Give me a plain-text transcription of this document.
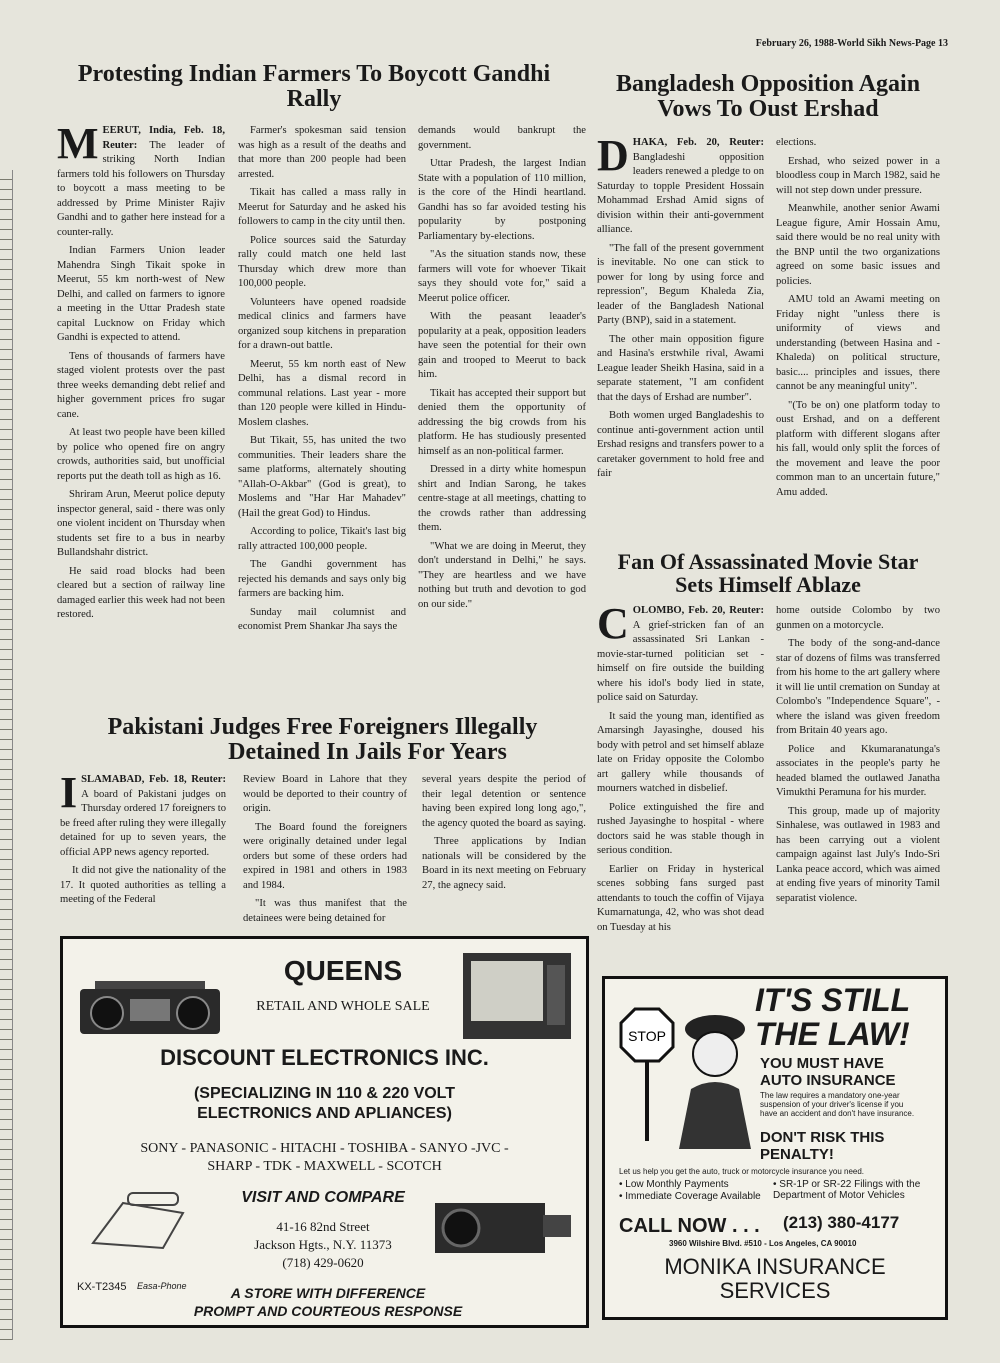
February 26, 1988-World Sikh News-Page 13
Protesting Indian Farmers To Boycott Gandhi
Rally

MEERUT, India, Feb. 18, Reuter: The leader of striking North Indian farmers told his followers on Thursday to boycott a mass meeting to be addressed by Prime Minister Rajiv Gandhi and to gather here instead for a counter-rally.

Indian Farmers Union leader Mahendra Singh Tikait spoke in Meerut, 55 km north-west of New Delhi, and called on farmers to ignore a meeting in the Uttar Pradesh state capital Lucknow on Friday which Gandhi is expected to attend.

Tens of thousands of farmers have staged violent protests over the past three weeks demanding debt relief and higher government prices fro sugar cane.

At least two people have been killed by police who opened fire on angry crowds, authorities said, but unofficial reports put the death toll as high as 16.

Shriram Arun, Meerut police deputy inspector general, said - there was only one violent incident on Thursday when students set fire to a bus in nearby Bullandshahr district.

He said road blocks had been cleared but a section of railway line damaged earlier this week had not been restored.

Farmer's spokesman said tension was high as a result of the deaths and that more than 200 people had been arrested.

Tikait has called a mass rally in Meerut for Saturday and he asked his followers to camp in the city until then.

Police sources said the Saturday rally could match one held last Thursday which drew more than 100,000 people.

Volunteers have opened roadside medical clinics and farmers have organized soup kitchens in preparation for a drawn-out battle.

Meerut, 55 km north east of New Delhi, has a dismal record in communal relations. Last year - more than 120 people were killed in Hindu-Moslem clashes.

But Tikait, 55, has united the two communities. Their leaders share the same platforms, alternately shouting "Allah-O-Akbar" (God is great), to Moslems and "Har Har Mahadev" (Hail the great God) to Hindus.

According to police, Tikait's last big rally attracted 100,000 people.

The Gandhi government has rejected his demands and says only big farmers are backing him.

Sunday mail columnist and economist Prem Shankar Jha says the

demands would bankrupt the government.

Uttar Pradesh, the largest Indian State with a population of 110 million, is the core of the Hindi heartland. Gandhi has so far avoided testing his popularity by postponing Parliamentary by-elections.

"As the situation stands now, these farmers will vote for whoever Tikait says they should vote for," said a Meerut police officer.

With the peasant leaader's popularity at a peak, opposition leaders have seen the potential for their own gain and trooped to Meerut to back him.

Tikait has accepted their support but denied them the opportunity of addressing the big crowds from his platform. He has studiously presented himself as an non-political farmer.

Dressed in a dirty white homespun shirt and Indian Sarong, he takes centre-stage at all meetings, chatting to the crowds rather than addressing them.

"What we are doing in Meerut, they don't understand in Delhi," he says. "They are heartless and we have nothing but truth and devotion to god on our side."

Bangladesh Opposition Again
Vows To Oust Ershad

DHAKA, Feb. 20, Reuter: Bangladeshi opposition leaders renewed a pledge to on Saturday to topple President Hossain Mohammad Ershad Amid signs of division within their anti-government alliance.

"The fall of the present government is inevitable. No one can stick to power for long by using force and repression", Begum Khaleda Zia, leader of the Bangladesh National Party (BNP), said in a statement.

The other main opposition figure and Hasina's erstwhile rival, Awami League leader Sheikh Hasina, said in a separate statement, "I am confident that the days of Ershad are number".

Both women urged Bangladeshis to continue anti-government action until Ershad resigns and transfers power to a caretaker government to hold free and fair

elections.

Ershad, who seized power in a bloodless coup in March 1982, said he will not step down under pressure.

Meanwhile, another senior Awami League figure, Amir Hossain Amu, said there would be no real unity with the BNP until the two organizations agreed on some basic issues and policies.

AMU told an Awami meeting on Friday night "unless there is uniformity of views and understanding (between Hasina and - Khaleda) on political structure, basic.... principles and issues, there cannot be any meaningful unity".

"(To be on) one platform today to oust Ershad, and on a defferent platform with different slogans after his fall, would only split the forces of the movement and leave the poor common man to an uncertain future," Amu added.

Fan Of Assassinated Movie Star
Sets Himself Ablaze

COLOMBO, Feb. 20, Reuter: A grief-stricken fan of an assassinated Sri Lankan - movie-star-turned politician set - himself on fire outside the building where his idol's body lied in state, police said on Saturday.

It said the young man, identified as Amarsingh Jayasinghe, doused his body with petrol and set himself ablaze late on Friday opposite the Colombo art gallery while thousands of mourners watched in disbelief.

Police extinguished the fire and rushed Jayasinghe to hospital - where doctors said he was stable though in serious condition.

Earlier on Friday in hysterical scenes sobbing fans surged past attendants to touch the coffin of Vijaya Kumarnatunga, 42, who was shot dead on Tuesday at his

home outside Colombo by two gunmen on a motorcycle.

The body of the song-and-dance star of dozens of films was transferred from his home to the art gallery where it will lie until cremation on Sunday at Colombo's "Independence Square", - where the island was given freedom from Britain 40 years ago.

Police and Kkumaranatunga's associates in the people's party he headed blamed the outlawed Janatha Vimukthi Peramuna for his murder.

This group, made up of majority Sinhalese, was outlawed in 1983 and has been carrying out a violent campaign against last July's Indo-Sri Lanka peace accord, which was aimed at ending five years of minority Tamil separatist violence.

Pakistani Judges Free Foreigners Illegally
Detained In Jails For Years

ISLAMABAD, Feb. 18, Reuter: A board of Pakistani judges on Thursday ordered 17 foreigners to be freed after ruling they were illegally detained for up to seven years, the official APP news agency reported.

It did not give the nationality of the 17. It quoted authorities as telling a meeting of the Federal

Review Board in Lahore that they would be deported to their country of origin.

The Board found the foreigners were originally detained under legal orders but some of these orders had expired in 1981 and others in 1983 and 1984.

"It was thus manifest that the detainees were being detained for

several years despite the period of their legal detention or sentence having been expired long long ago,", the agency quoted the board as saying.

Three applications by Indian nationals will be considered by the Board in its next meeting on February 27, the agnecy said.

QUEENS
RETAIL AND WHOLE SALE
DISCOUNT ELECTRONICS INC.
(SPECIALIZING IN 110 & 220 VOLT
ELECTRONICS AND APLIANCES)
SONY - PANASONIC - HITACHI - TOSHIBA - SANYO -JVC -
SHARP - TDK - MAXWELL - SCOTCH
VISIT AND COMPARE
41-16 82nd Street
Jackson Hgts., N.Y. 11373
(718) 429-0620
KX-T2345 Easa-Phone	A STORE WITH DIFFERENCE
PROMPT AND COURTEOUS RESPONSE
STOP
IT'S STILL
THE LAW!
YOU MUST HAVE
AUTO INSURANCE
The law requires a mandatory one-year suspension of your driver's license if you have an accident and don't have insurance.
DON'T RISK THIS
PENALTY!
Let us help you get the auto, truck or motorcycle insurance you need.
• Low Monthly Payments
• Immediate Coverage Available
• SR-1P or SR-22 Filings with the Department of Motor Vehicles
CALL NOW . . .	(213) 380-4177
3960 Wilshire Blvd. #510 - Los Angeles, CA 90010
MONIKA INSURANCE
SERVICES
